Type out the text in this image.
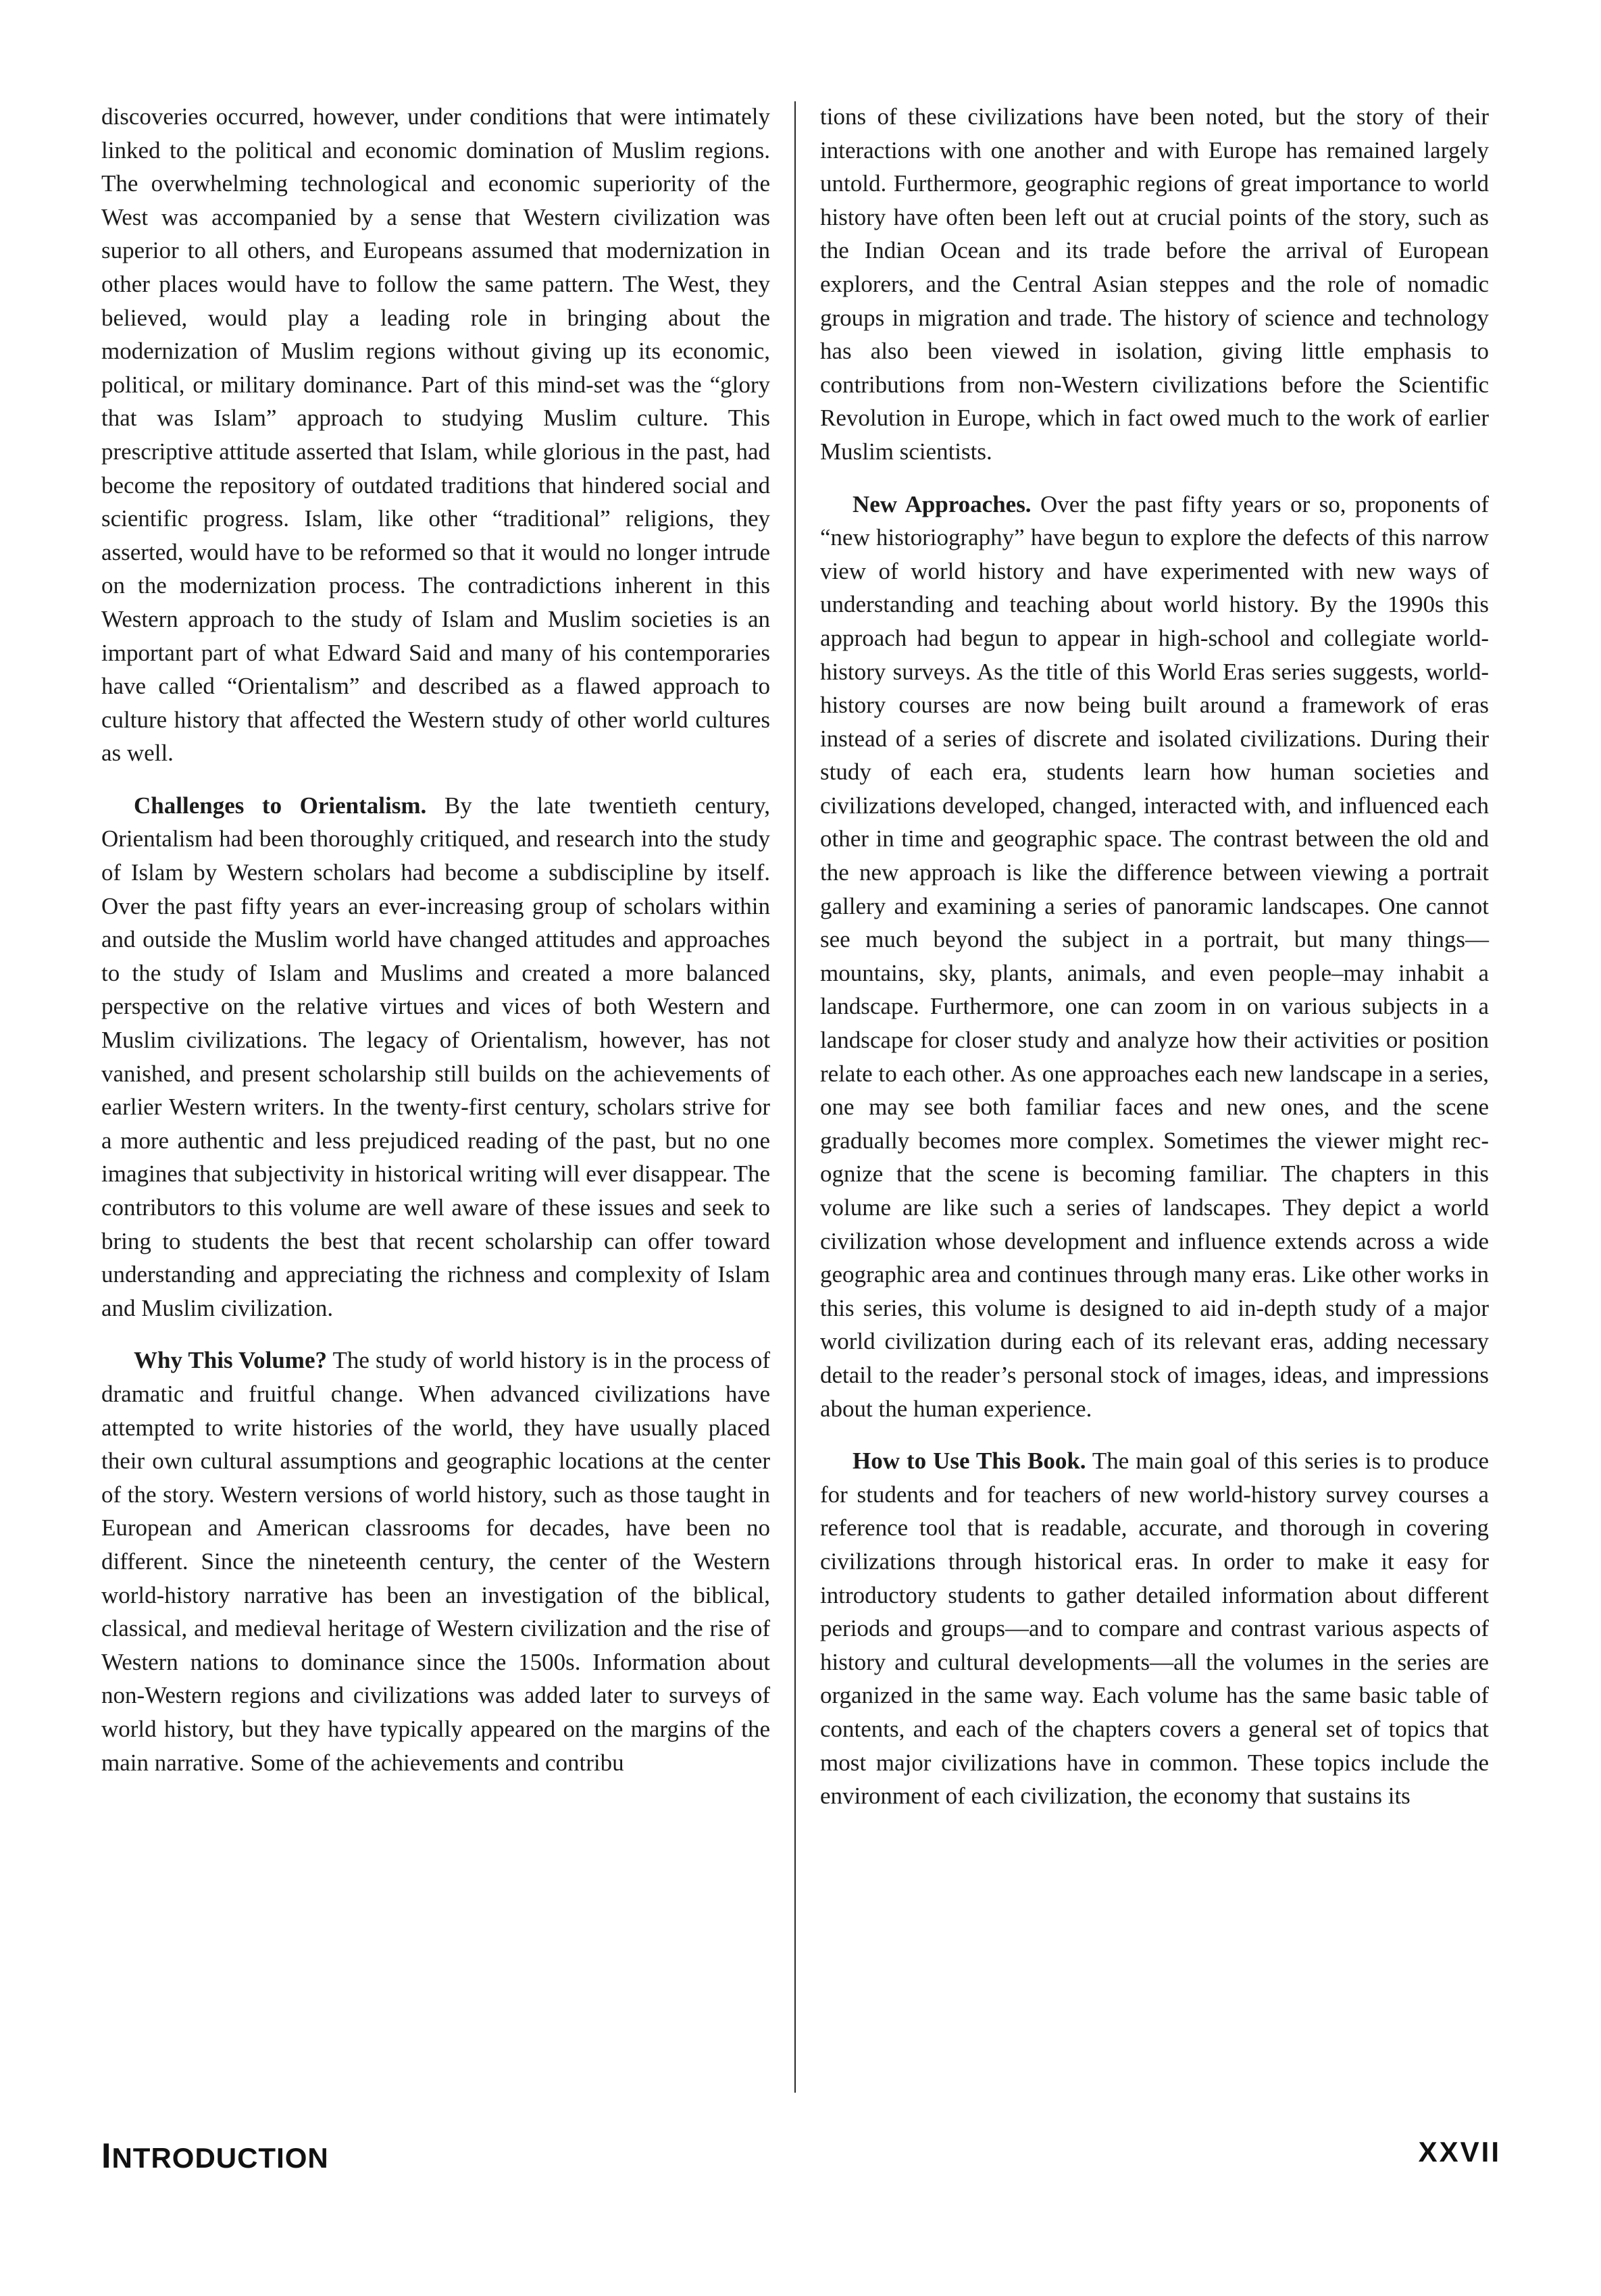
discoveries occurred, however, under conditions that were intimately linked to the political and economic domination of Muslim regions. The overwhelming technological and economic superiority of the West was accompanied by a sense that Western civilization was superior to all others, and Europeans assumed that modernization in other places would have to follow the same pattern. The West, they believed, would play a leading role in bringing about the modernization of Muslim regions without giving up its economic, political, or military dominance. Part of this mind-set was the “glory that was Islam” approach to studying Muslim culture. This prescriptive attitude asserted that Islam, while glorious in the past, had become the repository of outdated traditions that hindered social and scientific progress. Islam, like other “traditional” religions, they asserted, would have to be reformed so that it would no longer intrude on the modernization process. The contradictions inherent in this Western approach to the study of Islam and Muslim societies is an important part of what Edward Said and many of his contemporaries have called “Orientalism” and described as a flawed approach to culture history that affected the Western study of other world cultures as well.

Challenges to Orientalism. By the late twentieth century, Orientalism had been thoroughly critiqued, and research into the study of Islam by Western scholars had become a subdiscipline by itself. Over the past fifty years an ever-increasing group of scholars within and outside the Muslim world have changed attitudes and approaches to the study of Islam and Muslims and created a more balanced perspective on the relative virtues and vices of both Western and Muslim civilizations. The legacy of Orientalism, however, has not vanished, and present scholarship still builds on the achievements of earlier Western writers. In the twenty-first century, scholars strive for a more authentic and less prejudiced reading of the past, but no one imagines that subjectivity in historical writing will ever disappear. The contributors to this volume are well aware of these issues and seek to bring to students the best that recent scholarship can offer toward understanding and appreciating the richness and complexity of Islam and Muslim civilization.

Why This Volume? The study of world history is in the process of dramatic and fruitful change. When advanced civilizations have attempted to write histories of the world, they have usually placed their own cultural assumptions and geographic locations at the center of the story. Western versions of world history, such as those taught in European and American classrooms for decades, have been no different. Since the nineteenth century, the center of the Western world-history narrative has been an investigation of the biblical, classical, and medieval heritage of Western civilization and the rise of Western nations to dominance since the 1500s. Information about non-Western regions and civilizations was added later to surveys of world history, but they have typically appeared on the margins of the main narrative. Some of the achievements and contribu

tions of these civilizations have been noted, but the story of their interactions with one another and with Europe has remained largely untold. Furthermore, geographic regions of great importance to world history have often been left out at crucial points of the story, such as the Indian Ocean and its trade before the arrival of European explorers, and the Central Asian steppes and the role of nomadic groups in migration and trade. The history of science and technology has also been viewed in isolation, giving little emphasis to contributions from non-Western civilizations before the Scientific Revolution in Europe, which in fact owed much to the work of earlier Muslim scientists.

New Approaches. Over the past fifty years or so, proponents of “new historiography” have begun to explore the defects of this narrow view of world history and have experimented with new ways of understanding and teaching about world history. By the 1990s this approach had begun to appear in high-school and collegiate world-history surveys. As the title of this World Eras series suggests, world-history courses are now being built around a framework of eras instead of a series of discrete and isolated civilizations. During their study of each era, students learn how human societies and civilizations developed, changed, interacted with, and influenced each other in time and geographic space. The contrast between the old and the new approach is like the difference between viewing a portrait gallery and examining a series of panoramic landscapes. One cannot see much beyond the subject in a portrait, but many things—mountains, sky, plants, animals, and even people–may inhabit a landscape. Furthermore, one can zoom in on various subjects in a landscape for closer study and analyze how their activities or position relate to each other. As one approaches each new landscape in a series, one may see both familiar faces and new ones, and the scene gradually becomes more complex. Sometimes the viewer might recognize that the scene is becoming familiar. The chapters in this volume are like such a series of landscapes. They depict a world civilization whose development and influence extends across a wide geographic area and continues through many eras. Like other works in this series, this volume is designed to aid in-depth study of a major world civilization during each of its relevant eras, adding necessary detail to the reader’s personal stock of images, ideas, and impressions about the human experience.

How to Use This Book. The main goal of this series is to produce for students and for teachers of new world-history survey courses a reference tool that is readable, accurate, and thorough in covering civilizations through historical eras. In order to make it easy for introductory students to gather detailed information about different periods and groups—and to compare and contrast various aspects of history and cultural developments—all the volumes in the series are organized in the same way. Each volume has the same basic table of contents, and each of the chapters covers a general set of topics that most major civilizations have in common. These topics include the environment of each civilization, the economy that sustains its

INTRODUCTION	XXVII
